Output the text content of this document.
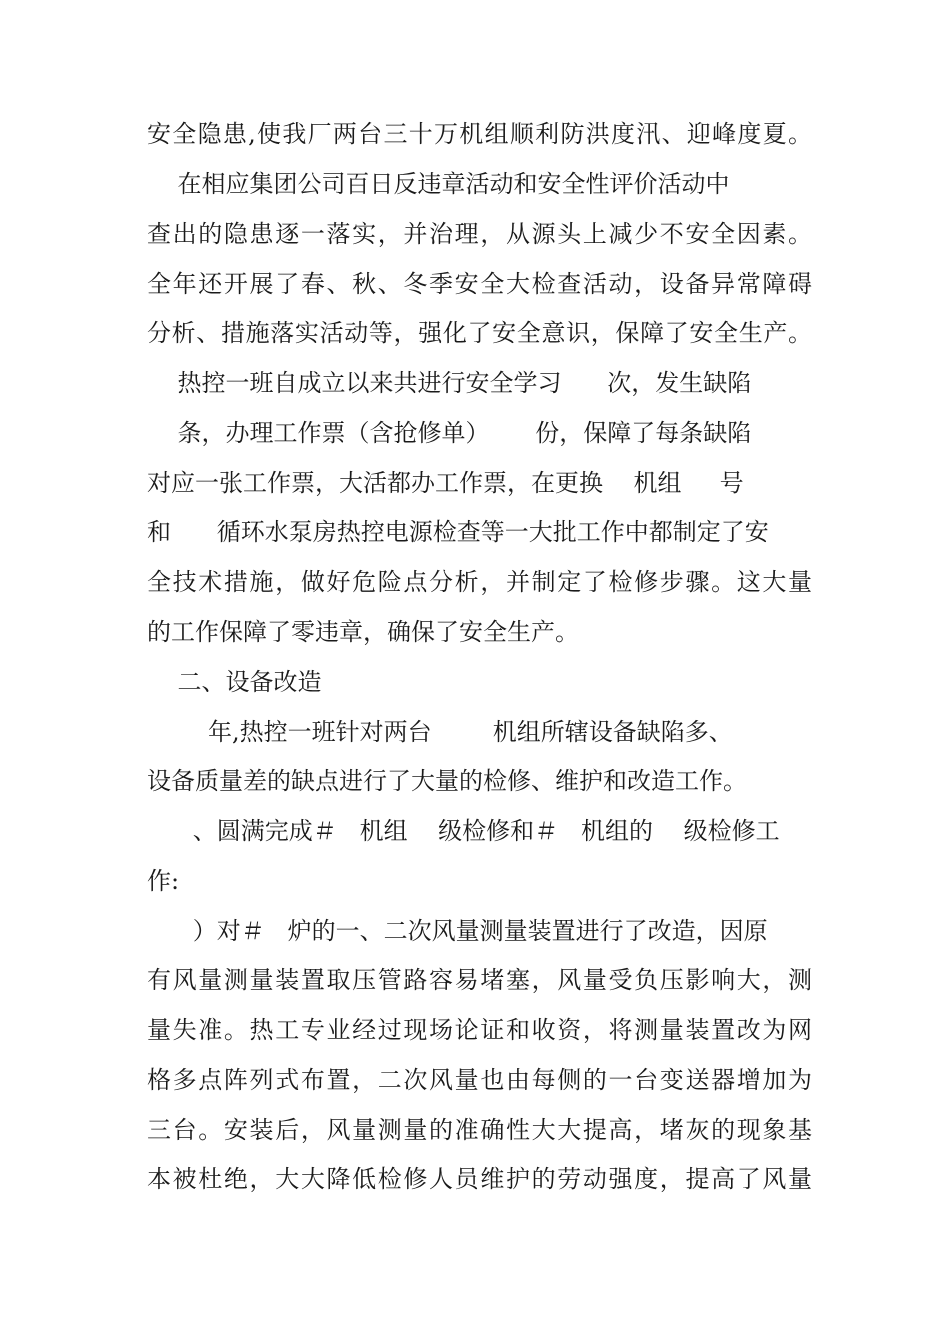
安全隐患,使我厂两台三十万机组顺利防洪度汛、迎峰度夏。
在相应集团公司百日反违章活动和安全性评价活动中
查出的隐患逐一落实，并治理，从源头上减少不安全因素。
全年还开展了春、秋、冬季安全大检查活动，设备异常障碍
分析、措施落实活动等，强化了安全意识，保障了安全生产。
热控一班自成立以来共进行安全学习      次，发生缺陷
条，办理工作票（含抢修单）      份，保障了每条缺陷
对应一张工作票，大活都办工作票，在更换    机组     号
和      循环水泵房热控电源检查等一大批工作中都制定了安
全技术措施，做好危险点分析，并制定了检修步骤。这大量
的工作保障了零违章，确保了安全生产。
二、设备改造
年,热控一班针对两台        机组所辖设备缺陷多、
设备质量差的缺点进行了大量的检修、维护和改造工作。
、圆满完成＃   机组    级检修和＃   机组的    级检修工
作:
）对＃   炉的一、二次风量测量装置进行了改造，因原
有风量测量装置取压管路容易堵塞，风量受负压影响大，测
量失准。热工专业经过现场论证和收资，将测量装置改为网
格多点阵列式布置，二次风量也由每侧的一台变送器增加为
三台。安装后，风量测量的准确性大大提高，堵灰的现象基
本被杜绝，大大降低检修人员维护的劳动强度，提高了风量
